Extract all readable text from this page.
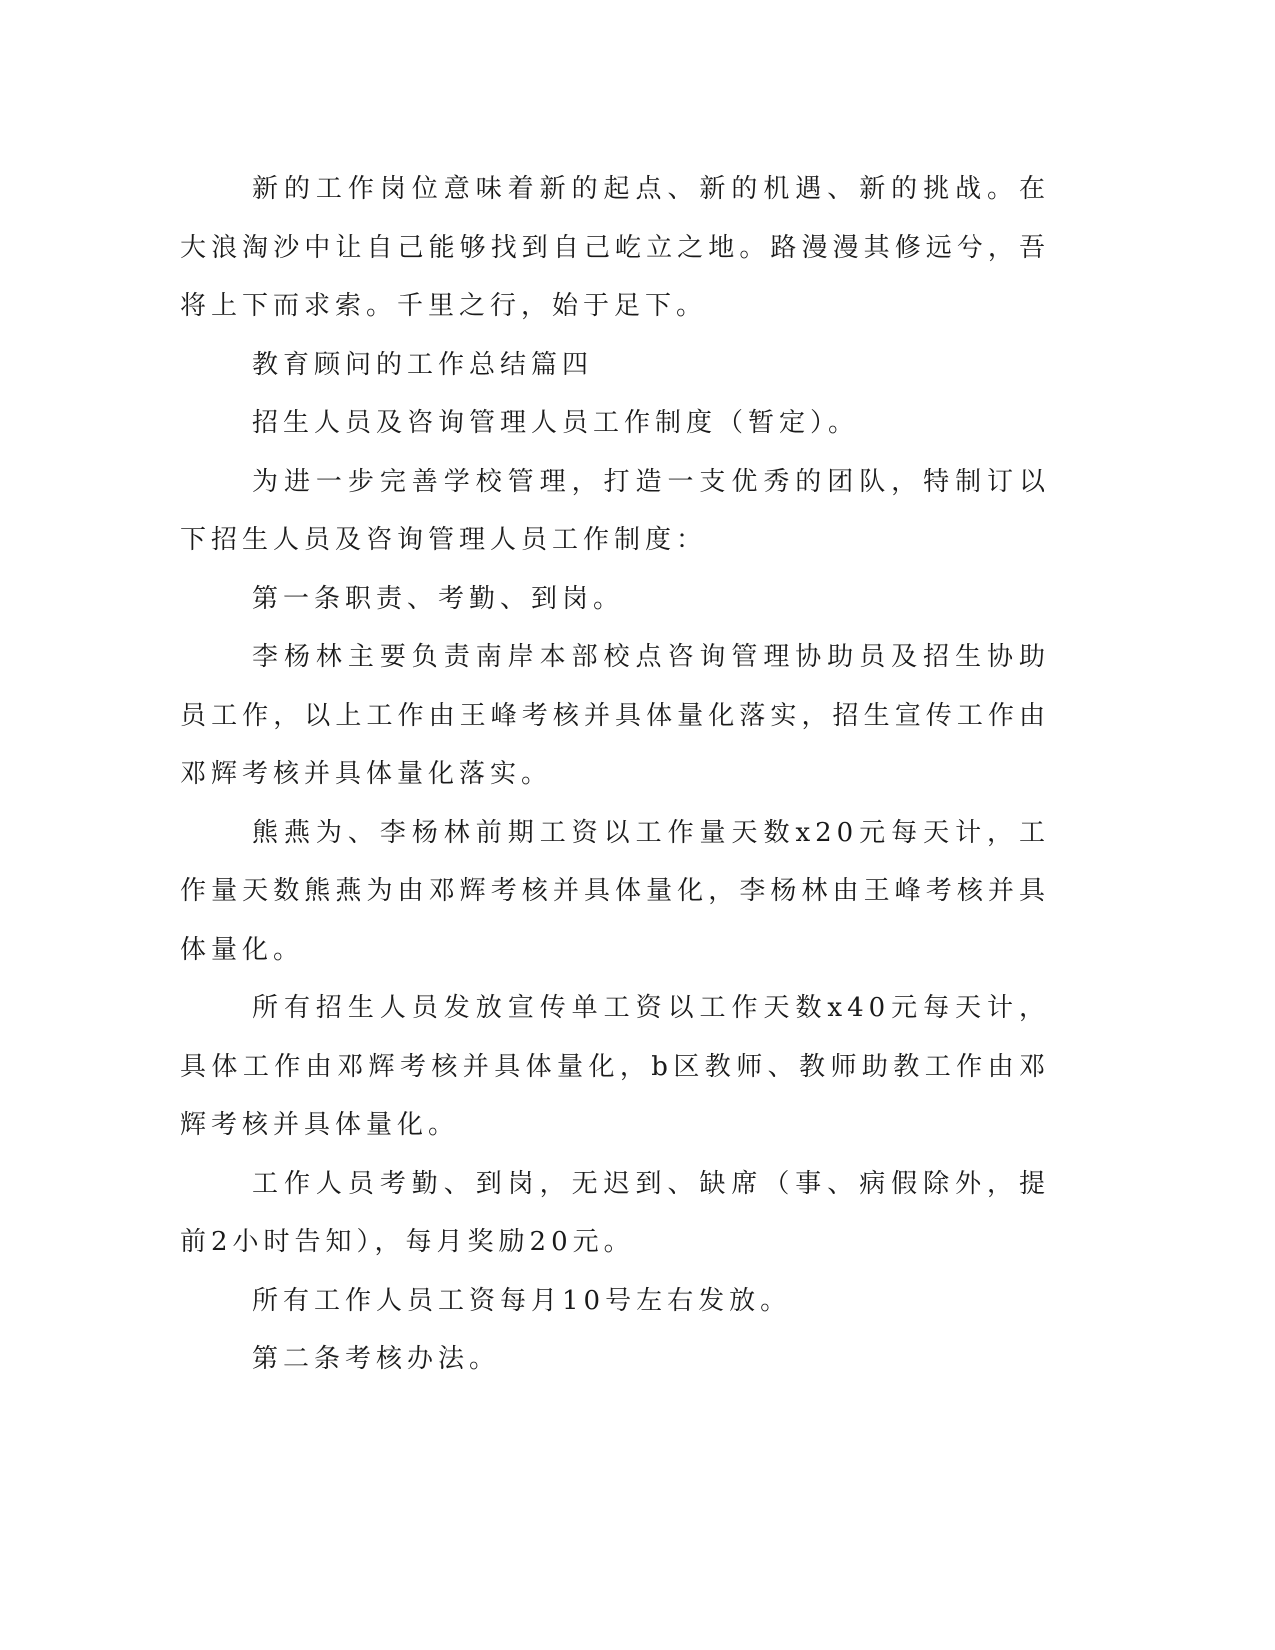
新的工作岗位意味着新的起点、新的机遇、新的挑战。在大浪淘沙中让自己能够找到自己屹立之地。路漫漫其修远兮，吾将上下而求索。千里之行，始于足下。

教育顾问的工作总结篇四

招生人员及咨询管理人员工作制度（暂定）。

为进一步完善学校管理，打造一支优秀的团队，特制订以下招生人员及咨询管理人员工作制度：

第一条职责、考勤、到岗。

李杨林主要负责南岸本部校点咨询管理协助员及招生协助员工作，以上工作由王峰考核并具体量化落实，招生宣传工作由邓辉考核并具体量化落实。

熊燕为、李杨林前期工资以工作量天数x20元每天计，工作量天数熊燕为由邓辉考核并具体量化，李杨林由王峰考核并具体量化。

所有招生人员发放宣传单工资以工作天数x40元每天计，具体工作由邓辉考核并具体量化，b区教师、教师助教工作由邓辉考核并具体量化。

工作人员考勤、到岗，无迟到、缺席（事、病假除外，提前2小时告知），每月奖励20元。

所有工作人员工资每月10号左右发放。

第二条考核办法。
